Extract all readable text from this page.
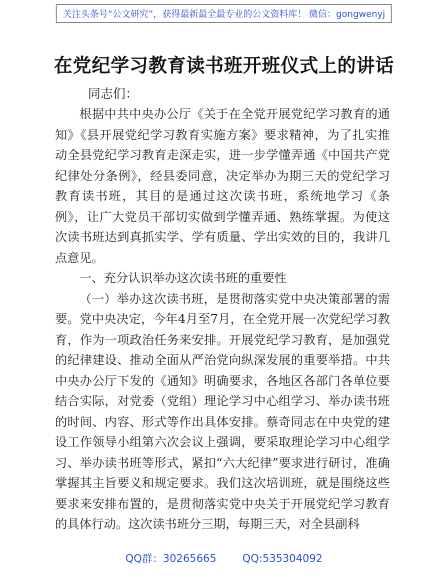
关注头条号“公文研究”，获得最新最全最专业的公文资料库！ 微信：gongwenyj
在党纪学习教育读书班开班仪式上的讲话
同志们：

根据中共中央办公厅《关于在全党开展党纪学习教育的通知》《县开展党纪学习教育实施方案》要求精神，为了扎实推动全县党纪学习教育走深走实，进一步学懂弄通《中国共产党纪律处分条例》，经县委同意，决定举办为期三天的党纪学习教育读书班，其目的是通过这次读书班，系统地学习《条例》，让广大党员干部切实做到学懂弄通、熟练掌握。为使这次读书班达到真抓实学、学有质量、学出实效的目的，我讲几点意见。

一、充分认识举办这次读书班的重要性

（一）举办这次读书班，是贯彻落实党中央决策部署的需要。党中央决定，今年4月至7月，在全党开展一次党纪学习教育，作为一项政治任务来安排。开展党纪学习教育，是加强党的纪律建设、推动全面从严治党向纵深发展的重要举措。中共中央办公厅下发的《通知》明确要求，各地区各部门各单位要结合实际，对党委（党组）理论学习中心组学习、举办读书班的时间、内容、形式等作出具体安排。蔡奇同志在中央党的建设工作领导小组第六次会议上强调，要采取理论学习中心组学习、举办读书班等形式，紧扣“六大纪律”要求进行研讨，准确掌握其主旨要义和规定要求。我们这次培训班，就是围绕这些要求来安排布置的，是贯彻落实党中央关于开展党纪学习教育的具体行动。这次读书班分三期，每期三天，对全县副科

QQ群：30265665 QQ:535304092
